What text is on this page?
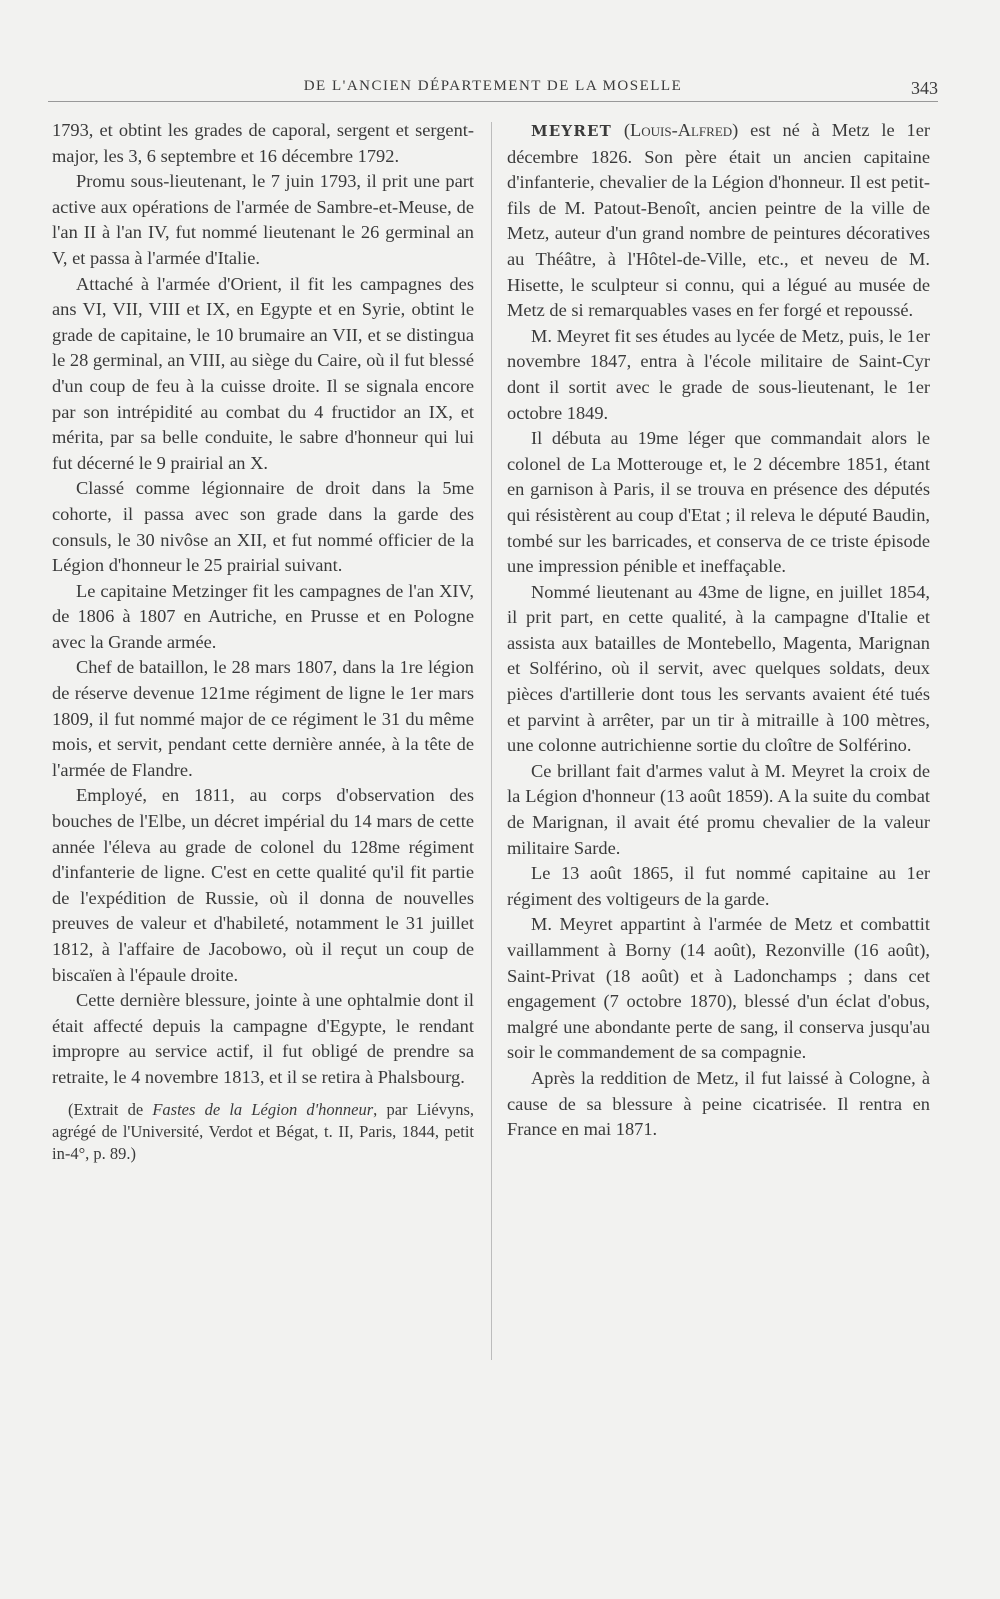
DE L'ANCIEN DÉPARTEMENT DE LA MOSELLE	343

1793, et obtint les grades de caporal, sergent et sergent-major, les 3, 6 septembre et 16 décembre 1792.

Promu sous-lieutenant, le 7 juin 1793, il prit une part active aux opérations de l'armée de Sambre-et-Meuse, de l'an II à l'an IV, fut nommé lieutenant le 26 germinal an V, et passa à l'armée d'Italie.

Attaché à l'armée d'Orient, il fit les campagnes des ans VI, VII, VIII et IX, en Egypte et en Syrie, obtint le grade de capitaine, le 10 brumaire an VII, et se distingua le 28 germinal, an VIII, au siège du Caire, où il fut blessé d'un coup de feu à la cuisse droite. Il se signala encore par son intrépidité au combat du 4 fructidor an IX, et mérita, par sa belle conduite, le sabre d'honneur qui lui fut décerné le 9 prairial an X.

Classé comme légionnaire de droit dans la 5me cohorte, il passa avec son grade dans la garde des consuls, le 30 nivôse an XII, et fut nommé officier de la Légion d'honneur le 25 prairial suivant.

Le capitaine Metzinger fit les campagnes de l'an XIV, de 1806 à 1807 en Autriche, en Prusse et en Pologne avec la Grande armée.

Chef de bataillon, le 28 mars 1807, dans la 1re légion de réserve devenue 121me régiment de ligne le 1er mars 1809, il fut nommé major de ce régiment le 31 du même mois, et servit, pendant cette dernière année, à la tête de l'armée de Flandre.

Employé, en 1811, au corps d'observation des bouches de l'Elbe, un décret impérial du 14 mars de cette année l'éleva au grade de colonel du 128me régiment d'infanterie de ligne. C'est en cette qualité qu'il fit partie de l'expédition de Russie, où il donna de nouvelles preuves de valeur et d'habileté, notamment le 31 juillet 1812, à l'affaire de Jacobowo, où il reçut un coup de biscaïen à l'épaule droite.

Cette dernière blessure, jointe à une ophtalmie dont il était affecté depuis la campagne d'Egypte, le rendant impropre au service actif, il fut obligé de prendre sa retraite, le 4 novembre 1813, et il se retira à Phalsbourg.

(Extrait de Fastes de la Légion d'honneur, par Liévyns, agrégé de l'Université, Verdot et Bégat, t. II, Paris, 1844, petit in-4°, p. 89.)

MEYRET (Louis-Alfred) est né à Metz le 1er décembre 1826. Son père était un ancien capitaine d'infanterie, chevalier de la Légion d'honneur. Il est petit-fils de M. Patout-Benoît, ancien peintre de la ville de Metz, auteur d'un grand nombre de peintures décoratives au Théâtre, à l'Hôtel-de-Ville, etc., et neveu de M. Hisette, le sculpteur si connu, qui a légué au musée de Metz de si remarquables vases en fer forgé et repoussé.

M. Meyret fit ses études au lycée de Metz, puis, le 1er novembre 1847, entra à l'école militaire de Saint-Cyr dont il sortit avec le grade de sous-lieutenant, le 1er octobre 1849.

Il débuta au 19me léger que commandait alors le colonel de La Motterouge et, le 2 décembre 1851, étant en garnison à Paris, il se trouva en présence des députés qui résistèrent au coup d'Etat ; il releva le député Baudin, tombé sur les barricades, et conserva de ce triste épisode une impression pénible et ineffaçable.

Nommé lieutenant au 43me de ligne, en juillet 1854, il prit part, en cette qualité, à la campagne d'Italie et assista aux batailles de Montebello, Magenta, Marignan et Solférino, où il servit, avec quelques soldats, deux pièces d'artillerie dont tous les servants avaient été tués et parvint à arrêter, par un tir à mitraille à 100 mètres, une colonne autrichienne sortie du cloître de Solférino.

Ce brillant fait d'armes valut à M. Meyret la croix de la Légion d'honneur (13 août 1859). A la suite du combat de Marignan, il avait été promu chevalier de la valeur militaire Sarde.

Le 13 août 1865, il fut nommé capitaine au 1er régiment des voltigeurs de la garde.

M. Meyret appartint à l'armée de Metz et combattit vaillamment à Borny (14 août), Rezonville (16 août), Saint-Privat (18 août) et à Ladonchamps ; dans cet engagement (7 octobre 1870), blessé d'un éclat d'obus, malgré une abondante perte de sang, il conserva jusqu'au soir le commandement de sa compagnie.

Après la reddition de Metz, il fut laissé à Cologne, à cause de sa blessure à peine cicatrisée. Il rentra en France en mai 1871.
